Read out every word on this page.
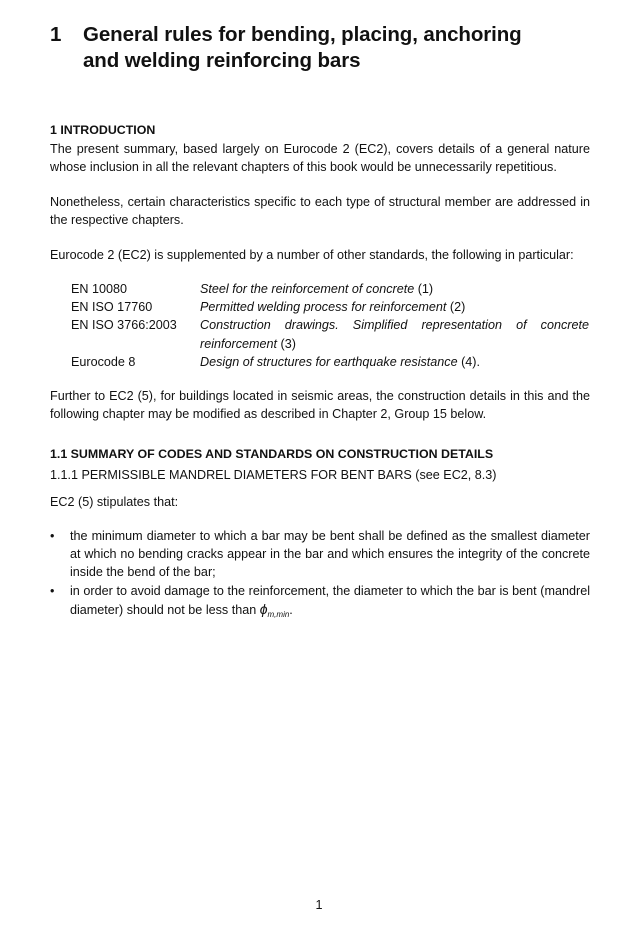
1	General rules for bending, placing, anchoring and welding reinforcing bars
1 INTRODUCTION
The present summary, based largely on Eurocode 2 (EC2), covers details of a general nature whose inclusion in all the relevant chapters of this book would be unnecessarily repetitious.
Nonetheless, certain characteristics specific to each type of structural member are addressed in the respective chapters.
Eurocode 2 (EC2) is supplemented by a number of other standards, the following in particular:
EN 10080	Steel for the reinforcement of concrete (1)
EN ISO 17760	Permitted welding process for reinforcement (2)
EN ISO 3766:2003	Construction drawings. Simplified representation of concrete reinforcement (3)
Eurocode 8	Design of structures for earthquake resistance (4).
Further to EC2 (5), for buildings located in seismic areas, the construction details in this and the following chapter may be modified as described in Chapter 2, Group 15 below.
1.1 SUMMARY OF CODES AND STANDARDS ON CONSTRUCTION DETAILS
1.1.1 PERMISSIBLE MANDREL DIAMETERS FOR BENT BARS (see EC2, 8.3)
EC2 (5) stipulates that:
• the minimum diameter to which a bar may be bent shall be defined as the smallest diameter at which no bending cracks appear in the bar and which ensures the integrity of the concrete inside the bend of the bar;
• in order to avoid damage to the reinforcement, the diameter to which the bar is bent (mandrel diameter) should not be less than $\phi_{m,min}$.
1
